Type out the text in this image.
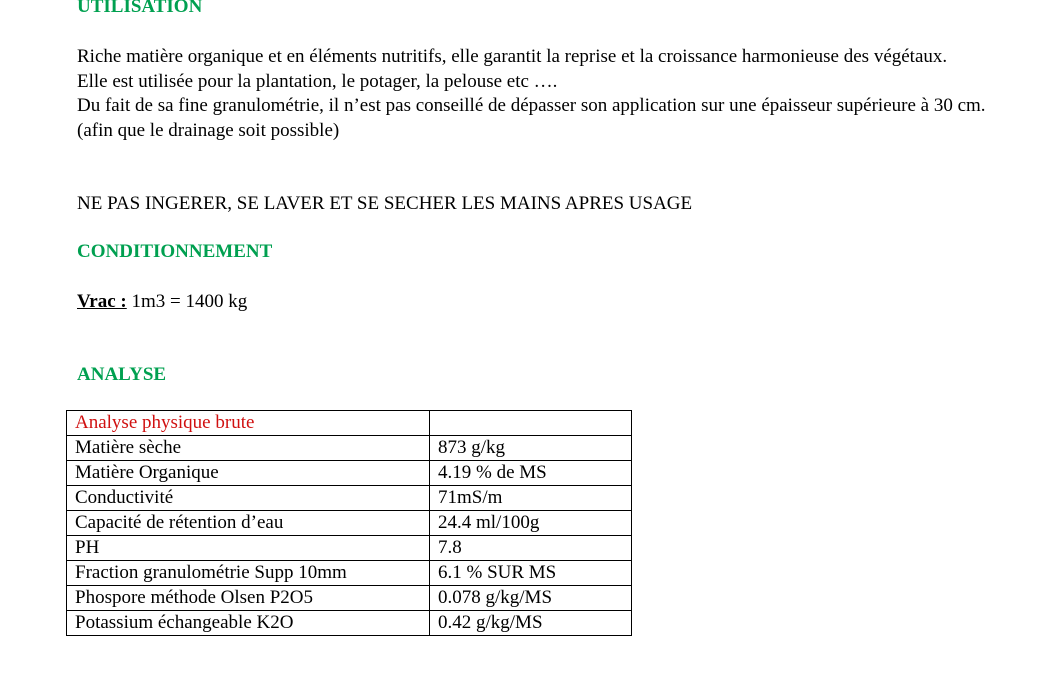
UTILISATION

Riche matière organique et en éléments nutritifs, elle garantit la reprise et la croissance harmonieuse des végétaux.

Elle est utilisée pour la plantation, le potager, la pelouse etc ….

Du fait de sa fine granulométrie, il n’est pas conseillé de dépasser son application sur une épaisseur supérieure à 30 cm. (afin que le drainage soit possible)

NE PAS INGERER, SE LAVER ET SE SECHER LES MAINS APRES USAGE

CONDITIONNEMENT

Vrac : 1m3 = 1400 kg

ANALYSE
Analyse physique brute	
Matière sèche	873 g/kg
Matière Organique	4.19 % de MS
Conductivité	71mS/m
Capacité de rétention d’eau	24.4 ml/100g
PH	7.8
Fraction granulométrie Supp 10mm	6.1 % SUR MS
Phospore méthode Olsen P2O5	0.078 g/kg/MS
Potassium échangeable K2O	0.42 g/kg/MS
